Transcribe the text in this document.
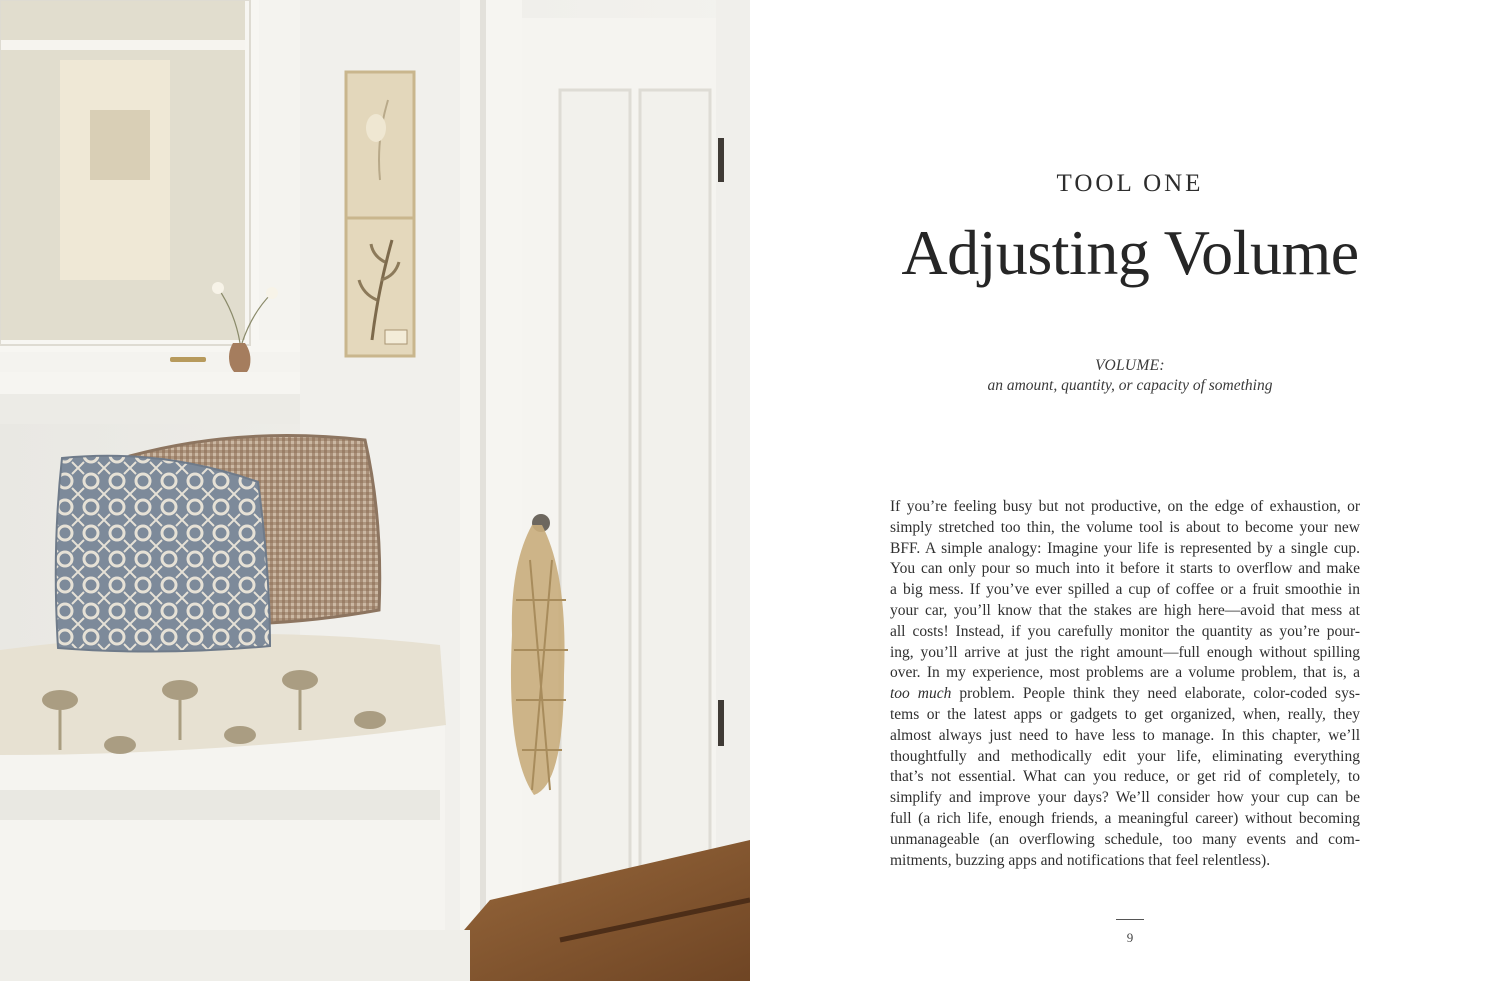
TOOL ONE
Adjusting Volume
VOLUME:
an amount, quantity, or capacity of something
If you’re feeling busy but not productive, on the edge of exhaustion, or
simply stretched too thin, the volume tool is about to become your new
BFF. A simple analogy: Imagine your life is represented by a single cup.
You can only pour so much into it before it starts to overflow and make
a big mess. If you’ve ever spilled a cup of coffee or a fruit smoothie in
your car, you’ll know that the stakes are high here—avoid that mess at
all costs! Instead, if you carefully monitor the quantity as you’re pour-
ing, you’ll arrive at just the right amount—full enough without spilling
over. In my experience, most problems are a volume problem, that is, a
too much problem. People think they need elaborate, color-coded sys-
tems or the latest apps or gadgets to get organized, when, really, they
almost always just need to have less to manage. In this chapter, we’ll
thoughtfully and methodically edit your life, eliminating everything
that’s not essential. What can you reduce, or get rid of completely, to
simplify and improve your days? We’ll consider how your cup can be
full (a rich life, enough friends, a meaningful career) without becoming
unmanageable (an overflowing schedule, too many events and com-
mitments, buzzing apps and notifications that feel relentless).
9
